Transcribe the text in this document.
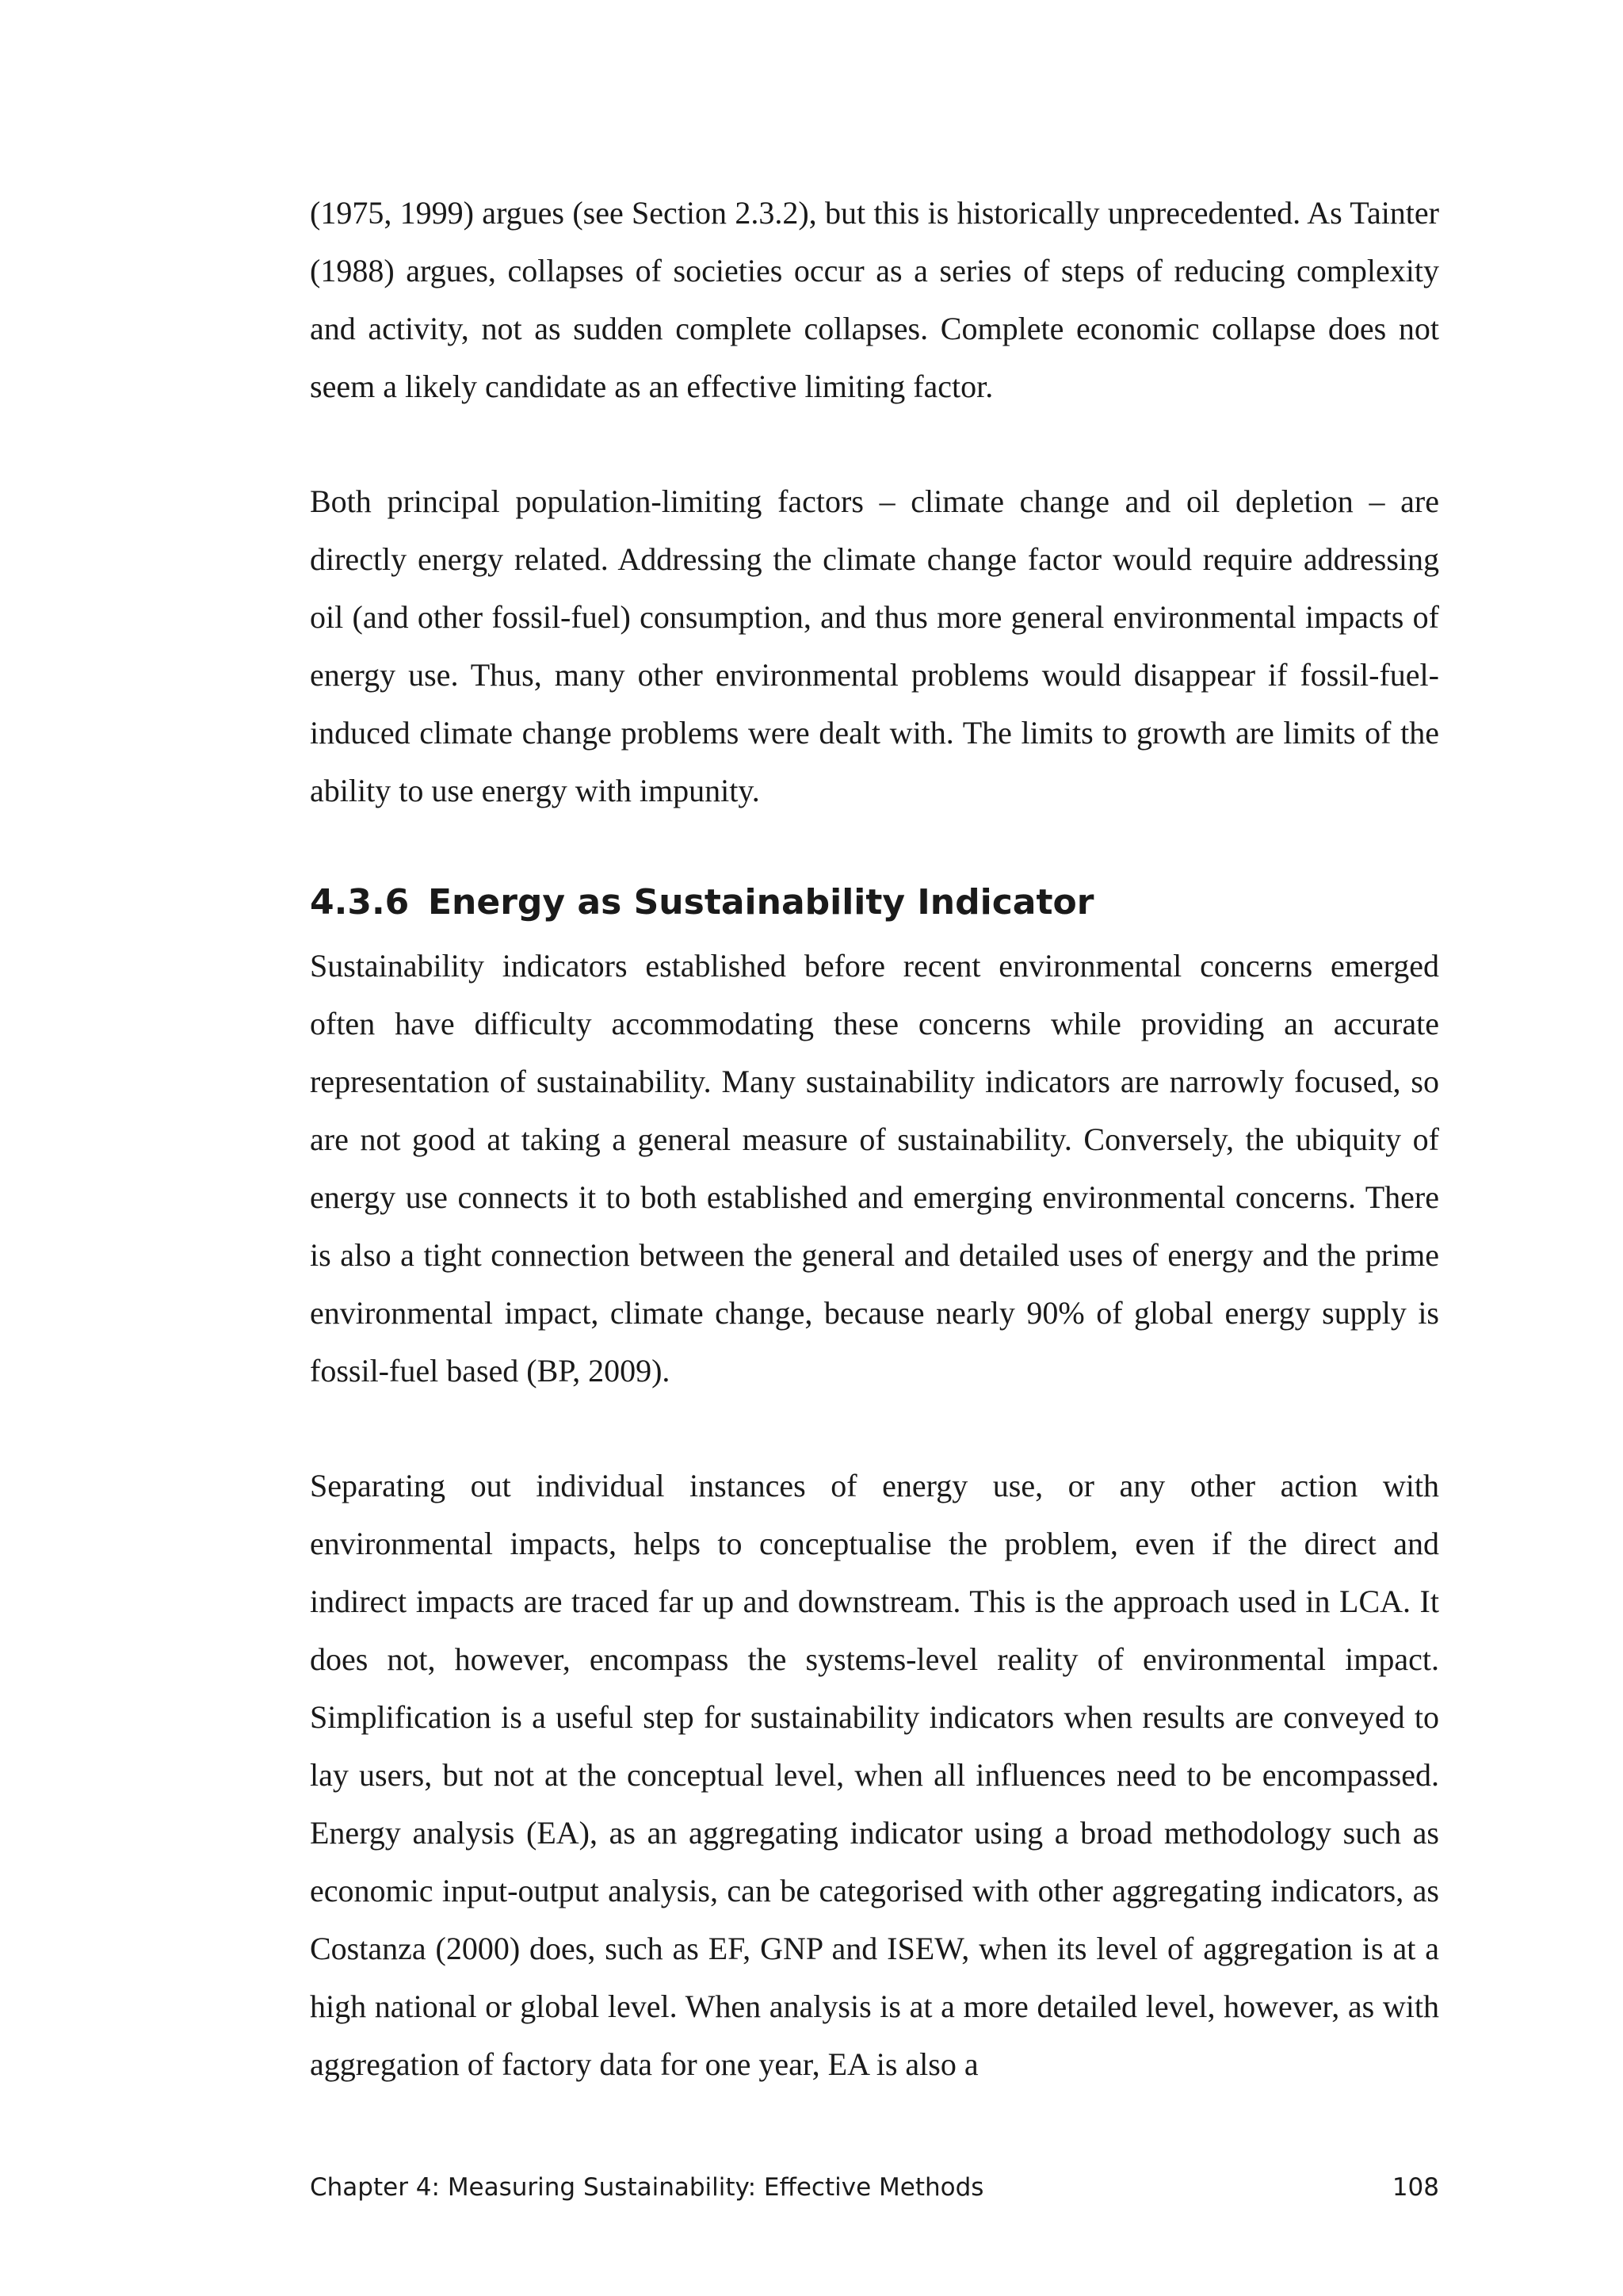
(1975, 1999) argues (see Section 2.3.2), but this is historically unprecedented. As Tainter (1988) argues, collapses of societies occur as a series of steps of reducing complexity and activity, not as sudden complete collapses. Complete economic collapse does not seem a likely candidate as an effective limiting factor.

Both principal population-limiting factors – climate change and oil depletion – are directly energy related. Addressing the climate change factor would require addressing oil (and other fossil-fuel) consumption, and thus more general environmental impacts of energy use. Thus, many other environmental problems would disappear if fossil-fuel-induced climate change problems were dealt with. The limits to growth are limits of the ability to use energy with impunity.

4.3.6 Energy as Sustainability Indicator

Sustainability indicators established before recent environmental concerns emerged often have difficulty accommodating these concerns while providing an accurate representation of sustainability. Many sustainability indicators are narrowly focused, so are not good at taking a general measure of sustainability. Conversely, the ubiquity of energy use connects it to both established and emerging environmental concerns. There is also a tight connection between the general and detailed uses of energy and the prime environmental impact, climate change, because nearly 90% of global energy supply is fossil-fuel based (BP, 2009).

Separating out individual instances of energy use, or any other action with environmental impacts, helps to conceptualise the problem, even if the direct and indirect impacts are traced far up and downstream. This is the approach used in LCA. It does not, however, encompass the systems-level reality of environmental impact. Simplification is a useful step for sustainability indicators when results are conveyed to lay users, but not at the conceptual level, when all influences need to be encompassed. Energy analysis (EA), as an aggregating indicator using a broad methodology such as economic input-output analysis, can be categorised with other aggregating indicators, as Costanza (2000) does, such as EF, GNP and ISEW, when its level of aggregation is at a high national or global level. When analysis is at a more detailed level, however, as with aggregation of factory data for one year, EA is also a

Chapter 4: Measuring Sustainability: Effective Methods	108
